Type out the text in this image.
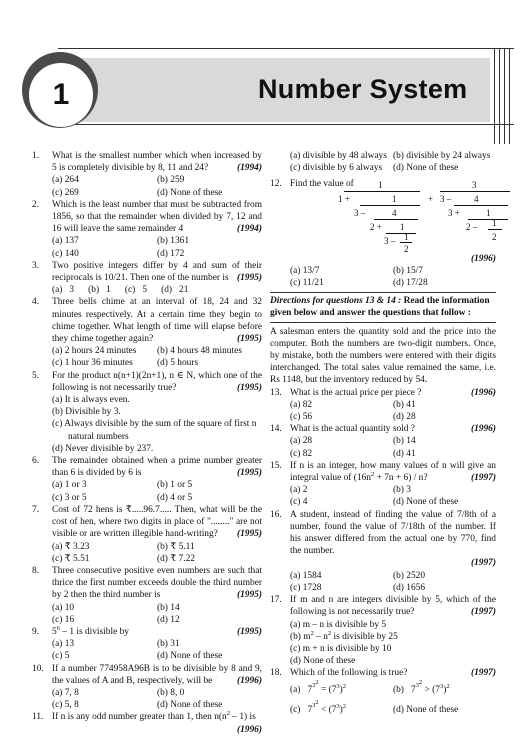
1	Number System
1. What is the smallest number which when increased by 5 is completely divisible by 8, 11 and 24?	(1994)
(a) 264	(b) 259
(c) 269	(d) None of these
2. Which is the least number that must be subtracted from 1856, so that the remainder when divided by 7, 12 and 16 will leave the same remainder 4	(1994)
(a) 137	(b) 1361
(c) 140	(d) 172
3. Two positive integers differ by 4 and sum of their reciprocals is 10/21. Then one of the number is (1995)
(a)   3      (b)   1      (c)   5      (d)   21
4. Three bells chime at an interval of 18, 24 and 32 minutes respectively. At a certain time they begin to chime together. What length of time will elapse before they chime together again?	(1995)
(a) 2 hours 24 minutes	(b) 4 hours 48 minutes
(c) 1 hour 36 minutes	(d) 5 hours
5. For the product n(n+1)(2n+1), n ∈ N, which one of the following is not necessarily true?	(1995)
(a) It is always even.
(b) Divisible by 3.
(c) Always divisible by the sum of the square of first n
natural numbers
(d) Never divisible by 237.
6. The remainder obtained when a prime number greater than 6 is divided by 6 is	(1995)
(a) 1 or 3	(b) 1 or 5
(c) 3 or 5	(d) 4 or 5
7. Cost of 72 hens is ₹.....96.7..... Then, what will be the cost of hen, where two digits in place of "........" are not visible or are written illegible hand-writing? (1995)
(a) ₹ 3.23	(b) ₹ 5.11
(c) ₹ 5.51	(d) ₹ 7.22
8. Three consecutive positive even numbers are such that thrice the first number exceeds double the third number by 2 then the third number is	(1995)
(a) 10	(b) 14
(c) 16	(d) 12
9. $5^6 - 1$ is divisible by	(1995)
(a) 13	(b) 31
(c) 5	(d) None of these
10. If a number 774958A96B is to be divisible by 8 and 9, the values of A and B, respectively, will be	(1996)
(a) 7, 8	(b) 8, 0
(c) 5, 8	(d) None of these
11. If n is any odd number greater than 1, then $n(n^2 - 1)$ is
(1996)
(a) divisible by 48 always (b) divisible by 24 always
(c) divisible by 6 always	(d) None of these
12. Find the value of	1
1 +	1
3 –	4
2 + 1
3 – 1
2
+
3
3 –	4
3 +	1
2 – 1
2
(1996)
(a) 13/7	(b) 15/7
(c) 11/21	(d) 17/28
Directions for questions 13 & 14 : Read the information given below and answer the questions that follow :
A salesman enters the quantity sold and the price into the computer. Both the numbers are two-digit numbers. Once, by mistake, both the numbers were entered with their digits interchanged. The total sales value remained the same, i.e. Rs 1148, but the inventory reduced by 54.
13. What is the actual price per piece ?	(1996)
(a) 82	(b) 41
(c) 56	(d) 28
14. What is the actual quantity sold ?	(1996)
(a) 28	(b) 14
(c) 82	(d) 41
15. If n is an integer, how many values of n will give an integral value of $(16n^2 + 7n + 6) / n$?	(1997)
(a) 2	(b) 3
(c) 4	(d) None of these
16. A student, instead of finding the value of 7/8th of a number, found the value of 7/18th of the number. If his answer differed from the actual one by 770, find the number.
(1997)
(a) 1584	(b) 2520
(c) 1728	(d) 1656
17. If m and n are integers divisible by 5, which of the following is not necessarily true?	(1997)
(a) m – n is divisible by 5
(b) $m^2 - n^2$ is divisible by 25
(c) m + n is divisible by 10
(d) None of these
18. Which of the following is true?	(1997)
(a) $7^{3^2} = (7^3)^2$	(b) $7^{3^2} > (7^3)^2$
(c) $7^{3^2} < (7^3)^2$	(d) None of these
